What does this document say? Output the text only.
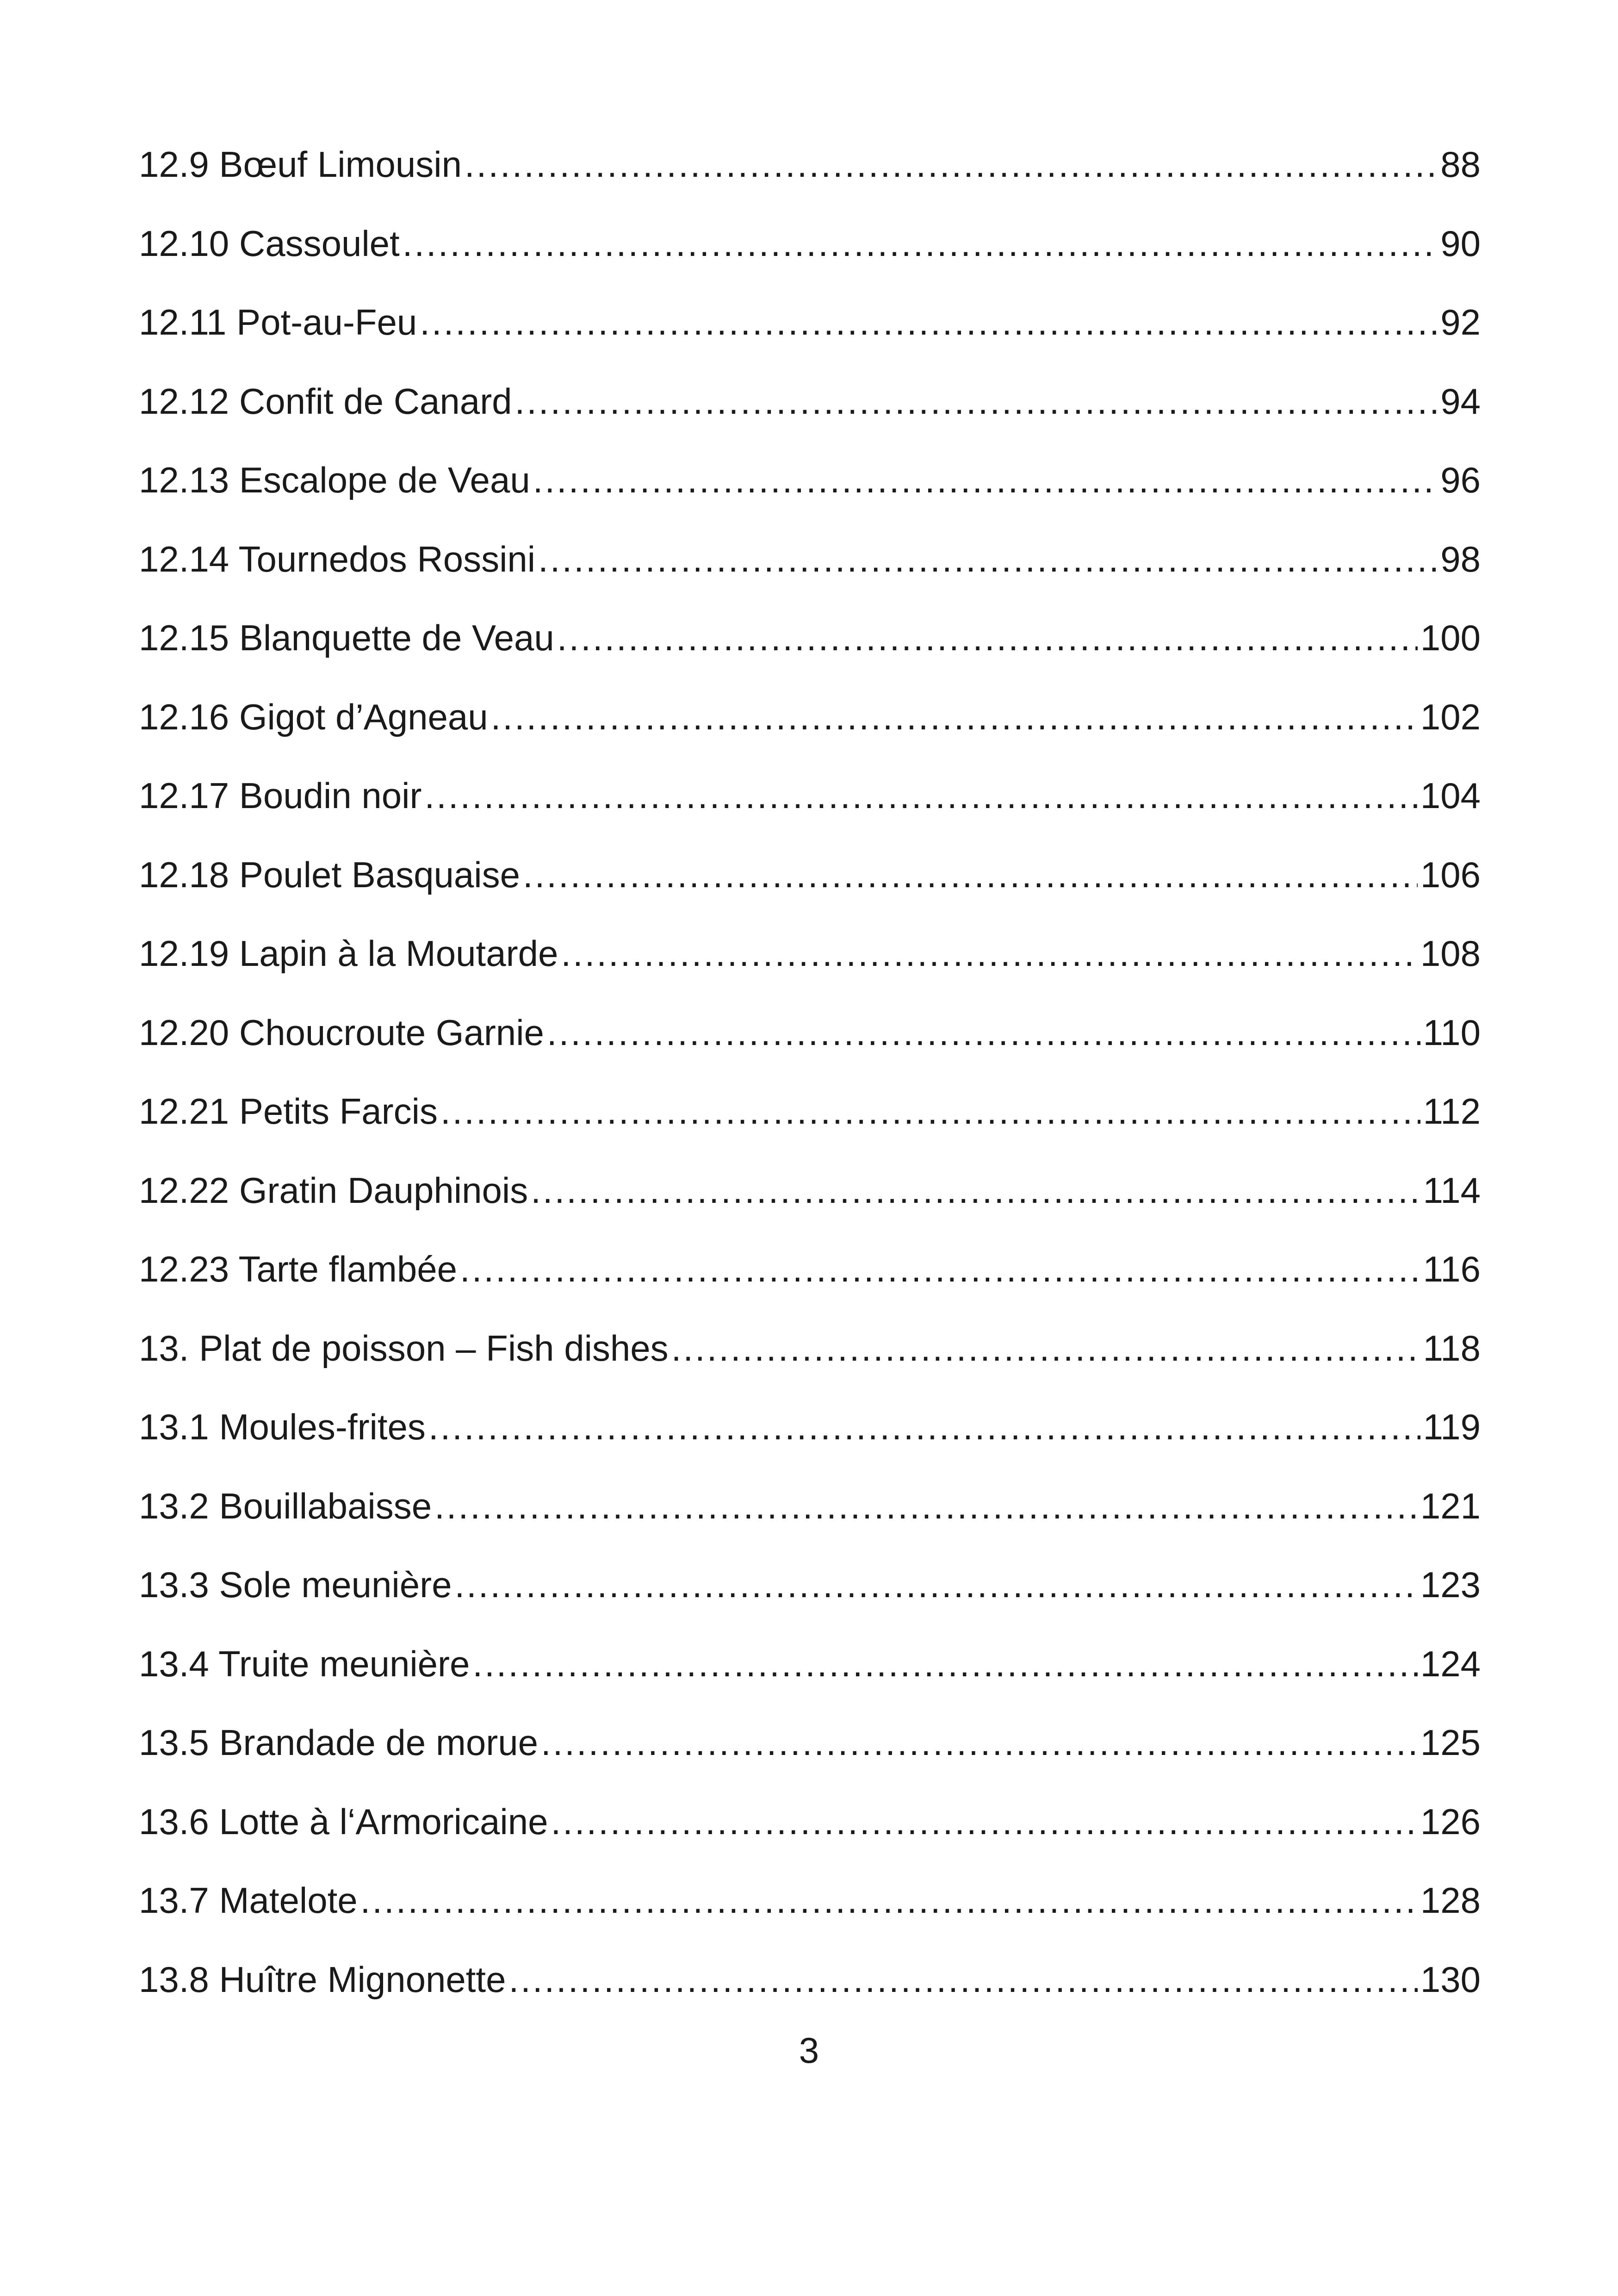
12.9 Bœuf Limousin .....	88
12.10 Cassoulet .....	90
12.11 Pot-au-Feu .....	92
12.12 Confit de Canard .....	94
12.13 Escalope de Veau .....	96
12.14 Tournedos Rossini .....	98
12.15 Blanquette de Veau .....	100
12.16 Gigot d’Agneau .....	102
12.17 Boudin noir .....	104
12.18 Poulet Basquaise .....	106
12.19 Lapin à la Moutarde .....	108
12.20 Choucroute Garnie .....	110
12.21 Petits Farcis .....	112
12.22 Gratin Dauphinois .....	114
12.23 Tarte flambée .....	116
13. Plat de poisson – Fish dishes .....	118
13.1 Moules-frites .....	119
13.2 Bouillabaisse .....	121
13.3 Sole meunière .....	123
13.4 Truite meunière .....	124
13.5 Brandade de morue .....	125
13.6 Lotte à l‘Armoricaine .....	126
13.7 Matelote .....	128
13.8 Huître Mignonette .....	130
3
